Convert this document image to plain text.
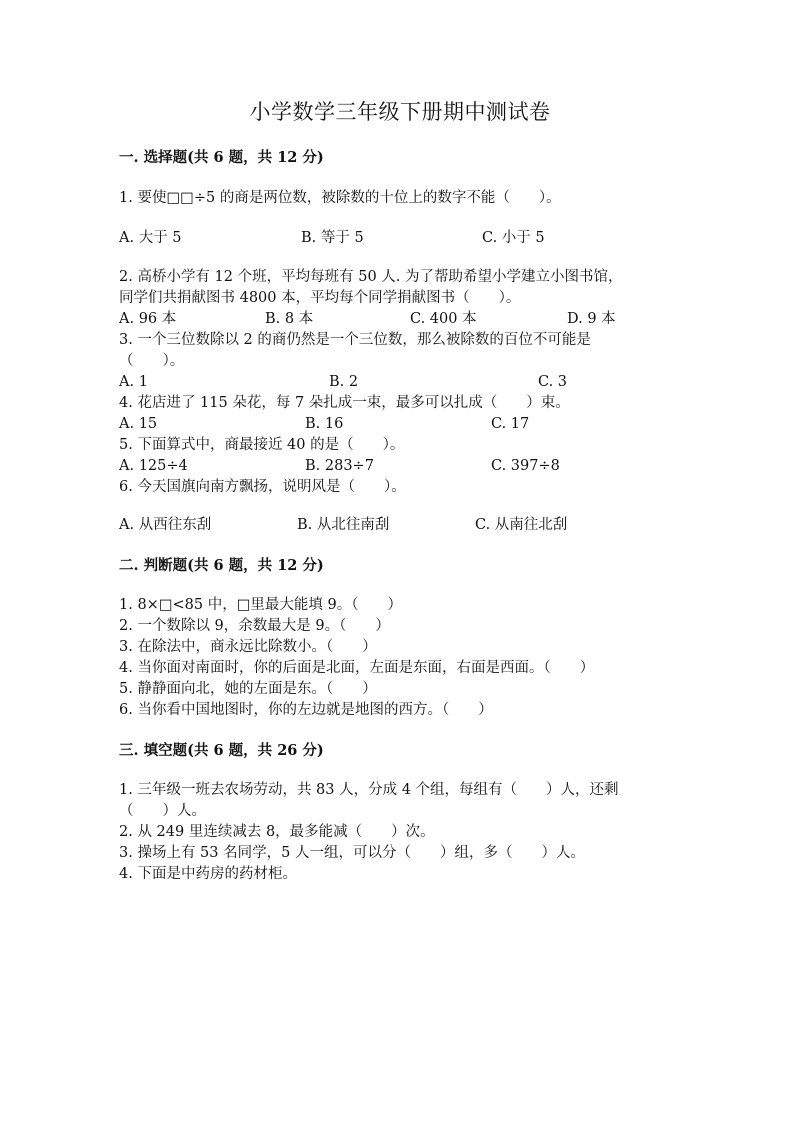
小学数学三年级下册期中测试卷
一. 选择题(共 6 题，共 12 分)
1. 要使□□÷5 的商是两位数，被除数的十位上的数字不能（　　）。
A. 大于 5	B. 等于 5	C. 小于 5
2. 高桥小学有 12 个班，平均每班有 50 人. 为了帮助希望小学建立小图书馆，
同学们共捐献图书 4800 本，平均每个同学捐献图书（　　）。
A. 96 本	B. 8 本	C. 400 本	D. 9 本
3. 一个三位数除以 2 的商仍然是一个三位数，那么被除数的百位不可能是
（　　）。
A. 1	B. 2	C. 3
4. 花店进了 115 朵花，每 7 朵扎成一束，最多可以扎成（　　）束。
A. 15	B. 16	C. 17
5. 下面算式中，商最接近 40 的是（　　）。
A. 125÷4	B. 283÷7	C. 397÷8
6. 今天国旗向南方飘扬，说明风是（　　）。
A. 从西往东刮	B. 从北往南刮	C. 从南往北刮
二. 判断题(共 6 题，共 12 分)
1. 8×□<85 中，□里最大能填 9。（　　）
2. 一个数除以 9，余数最大是 9。（　　）
3. 在除法中，商永远比除数小。（　　）
4. 当你面对南面时，你的后面是北面，左面是东面，右面是西面。（　　）
5. 静静面向北，她的左面是东。（　　）
6. 当你看中国地图时，你的左边就是地图的西方。（　　）
三. 填空题(共 6 题，共 26 分)
1. 三年级一班去农场劳动，共 83 人，分成 4 个组，每组有（　　）人，还剩
（　　）人。
2. 从 249 里连续减去 8，最多能减（　　）次。
3. 操场上有 53 名同学，5 人一组，可以分（　　）组，多（　　）人。
4. 下面是中药房的药材柜。
